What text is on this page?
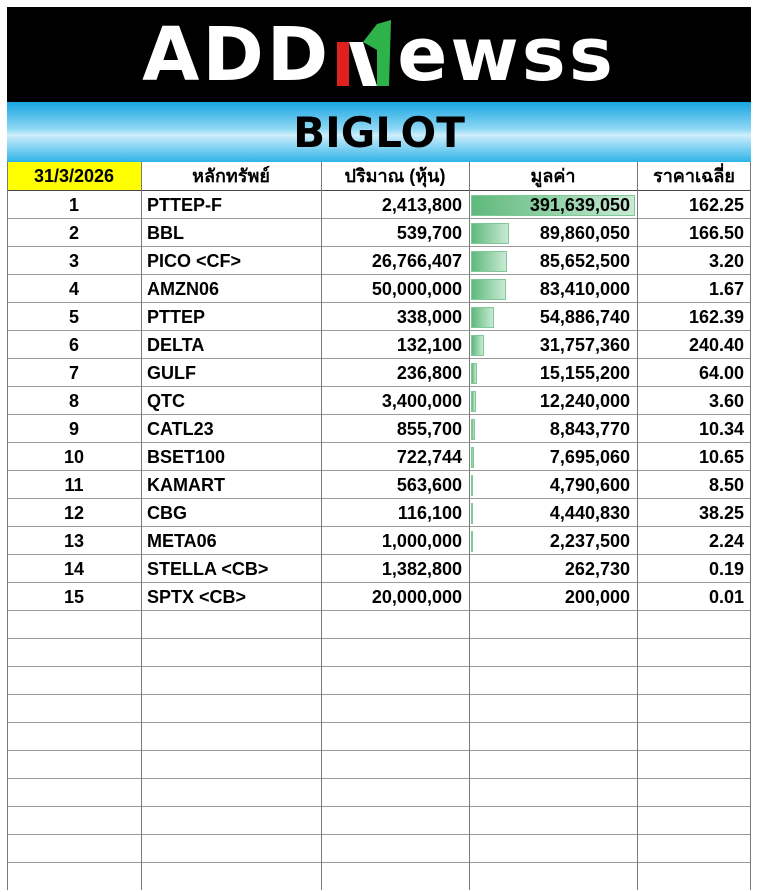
ADD ewss
BIGLOT
31/3/2026	หลักทรัพย์	ปริมาณ (หุ้น)	มูลค่า	ราคาเฉลี่ย
1	PTTEP-F	2,413,800	391,639,050	162.25
2	BBL	539,700	89,860,050	166.50
3	PICO <CF>	26,766,407	85,652,500	3.20
4	AMZN06	50,000,000	83,410,000	1.67
5	PTTEP	338,000	54,886,740	162.39
6	DELTA	132,100	31,757,360	240.40
7	GULF	236,800	15,155,200	64.00
8	QTC	3,400,000	12,240,000	3.60
9	CATL23	855,700	8,843,770	10.34
10	BSET100	722,744	7,695,060	10.65
11	KAMART	563,600	4,790,600	8.50
12	CBG	116,100	4,440,830	38.25
13	META06	1,000,000	2,237,500	2.24
14	STELLA <CB>	1,382,800	262,730	0.19
15	SPTX <CB>	20,000,000	200,000	0.01
